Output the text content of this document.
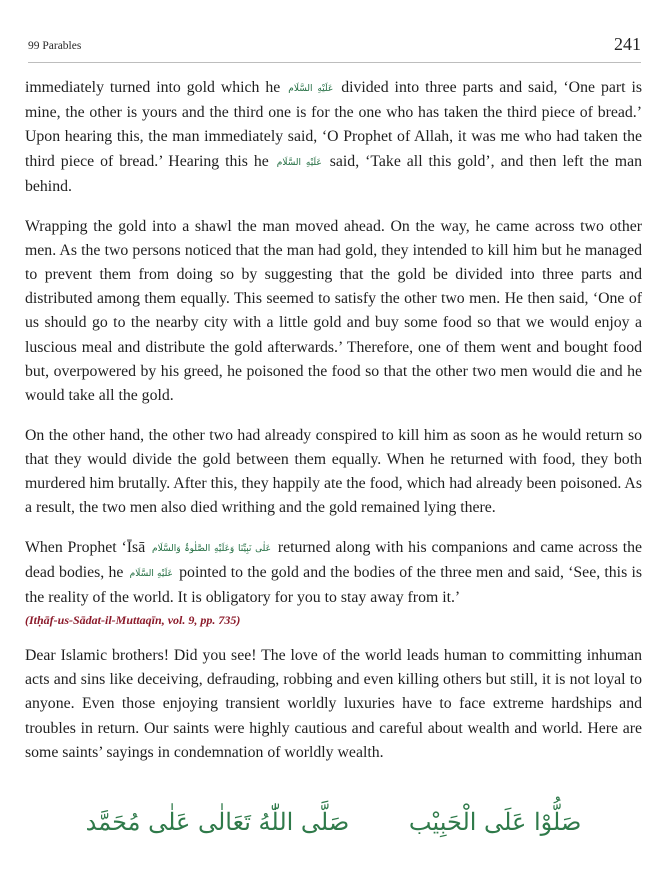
99 Parables	241

immediately turned into gold which he عَلَیْهِ السَّلَام divided into three parts and said, ‘One part is mine, the other is yours and the third one is for the one who has taken the third piece of bread.’ Upon hearing this, the man immediately said, ‘O Prophet of Allah, it was me who had taken the third piece of bread.’ Hearing this he عَلَیْهِ السَّلَام said, ‘Take all this gold’, and then left the man behind.

Wrapping the gold into a shawl the man moved ahead. On the way, he came across two other men. As the two persons noticed that the man had gold, they intended to kill him but he managed to prevent them from doing so by suggesting that the gold be divided into three parts and distributed among them equally. This seemed to satisfy the other two men. He then said, ‘One of us should go to the nearby city with a little gold and buy some food so that we would enjoy a luscious meal and distribute the gold afterwards.’ Therefore, one of them went and bought food but, overpowered by his greed, he poisoned the food so that the other two men would die and he would take all the gold.

On the other hand, the other two had already conspired to kill him as soon as he would return so that they would divide the gold between them equally. When he returned with food, they both murdered him brutally. After this, they happily ate the food, which had already been poisoned. As a result, the two men also died writhing and the gold remained lying there.

When Prophet ‘Īsā عَلٰی نَبِیِّنَا وَعَلَیْهِ الصَّلٰوۃُ وَالسَّلَام returned along with his companions and came across the dead bodies, he عَلَیْهِ السَّلَام pointed to the gold and the bodies of the three men and said, ‘See, this is the reality of the world. It is obligatory for you to stay away from it.’
(Itḥāf-us-Sādat-il-Muttaqīn, vol. 9, pp. 735)

Dear Islamic brothers! Did you see! The love of the world leads human to committing inhuman acts and sins like deceiving, defrauding, robbing and even killing others but still, it is not loyal to anyone. Even those enjoying transient worldly luxuries have to face extreme hardships and troubles in return. Our saints were highly cautious and careful about wealth and world. Here are some saints’ sayings in condemnation of worldly wealth.

صَلُّوْا عَلَى الْحَبِيْب صَلَّى اللّٰهُ تَعَالٰی عَلٰی مُحَمَّد
